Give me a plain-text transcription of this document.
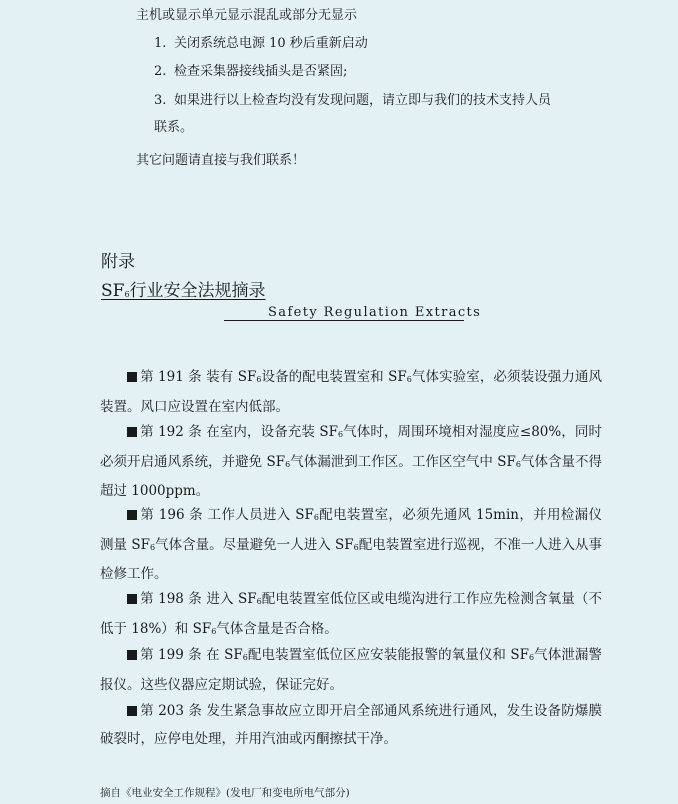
主机或显示单元显示混乱或部分无显示
1. 关闭系统总电源 10 秒后重新启动
2. 检查采集器接线插头是否紧固;
3. 如果进行以上检查均没有发现问题，请立即与我们的技术支持人员
联系。
其它问题请直接与我们联系！
附录
$SF_6$行业安全法规摘录
Safety Regulation Extracts
第 191 条 装有 $SF_6$设备的配电装置室和 $SF_6$气体实验室，必须装设强力通风装置。风口应设置在室内低部。
第 192 条 在室内，设备充装 $SF_6$气体时，周围环境相对湿度应≤80%，同时必须开启通风系统，并避免 $SF_6$气体漏泄到工作区。工作区空气中 $SF_6$气体含量不得超过 1000ppm。
第 196 条 工作人员进入 $SF_6$配电装置室，必须先通风 15min，并用检漏仪测量 $SF_6$气体含量。尽量避免一人进入 $SF_6$配电装置室进行巡视，不准一人进入从事检修工作。
第 198 条 进入 $SF_6$配电装置室低位区或电缆沟进行工作应先检测含氧量（不低于 18%）和 $SF_6$气体含量是否合格。
第 199 条 在 $SF_6$配电装置室低位区应安装能报警的氧量仪和 $SF_6$气体泄漏警报仪。这些仪器应定期试验，保证完好。
第 203 条 发生紧急事故应立即开启全部通风系统进行通风，发生设备防爆膜破裂时，应停电处理，并用汽油或丙酮擦拭干净。
摘自《电业安全工作规程》(发电厂和变电所电气部分)
